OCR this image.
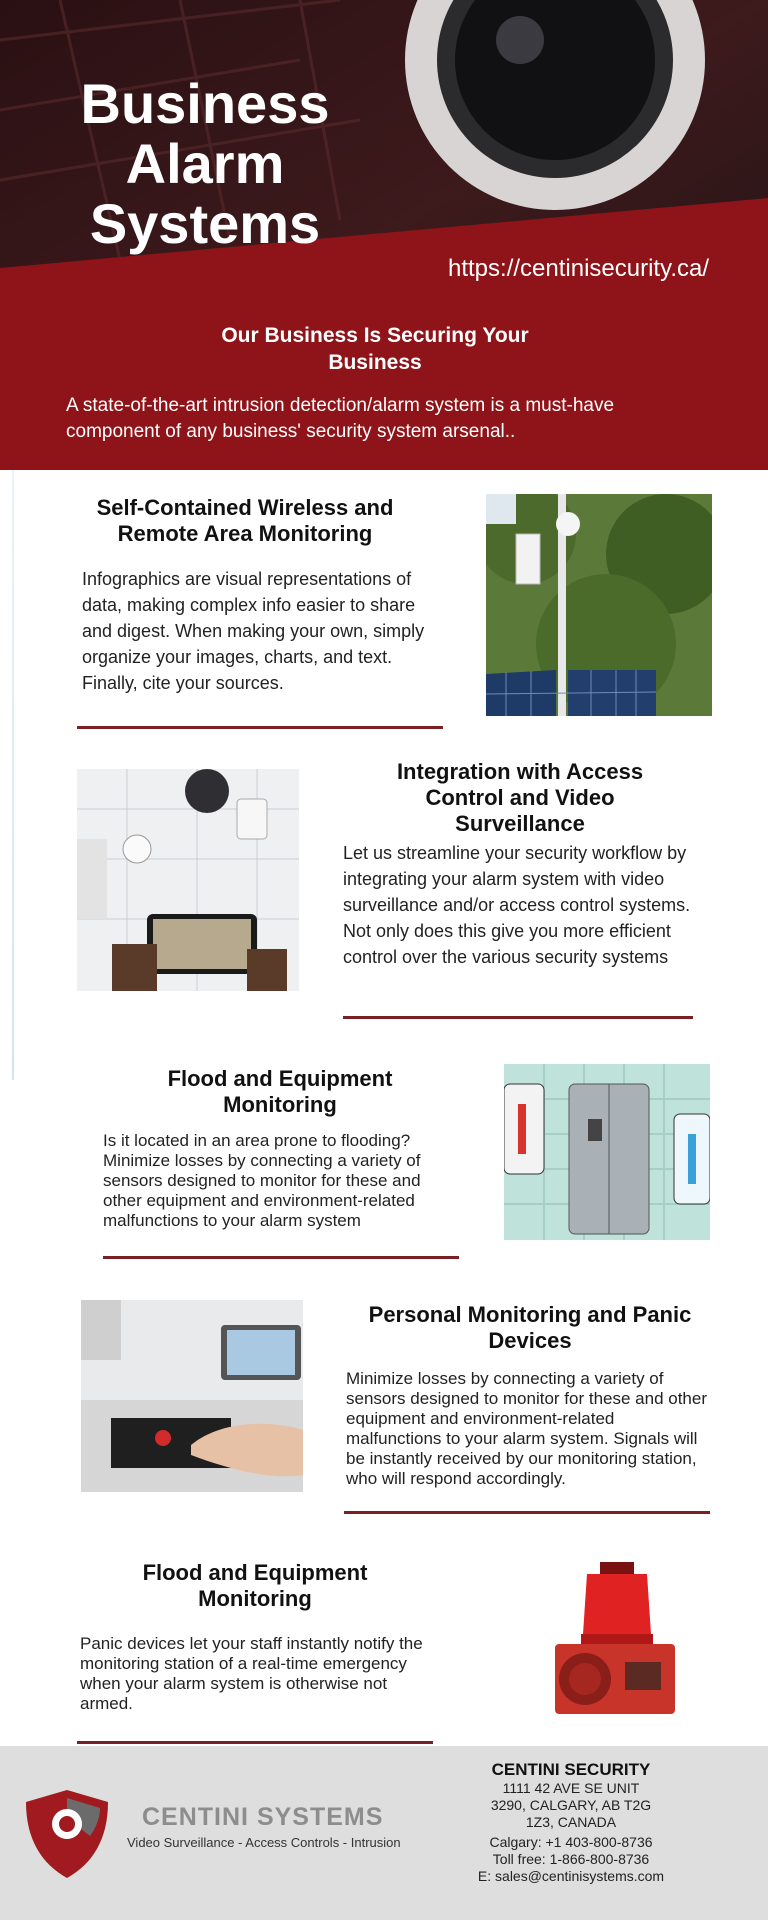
Business Alarm Systems
https://centinisecurity.ca/
Our Business Is Securing Your Business

A state-of-the-art intrusion detection/alarm system is a must-have component of any business' security system arsenal..

Self-Contained Wireless and Remote Area Monitoring

Infographics are visual representations of data, making complex info easier to share and digest. When making your own, simply organize your images, charts, and text. Finally, cite your sources.

Integration with Access Control and Video Surveillance

Let us streamline your security workflow by integrating your alarm system with video surveillance and/or access control systems. Not only does this give you more efficient control over the various security systems

Flood and Equipment Monitoring

Is it located in an area prone to flooding? Minimize losses by connecting a variety of sensors designed to monitor for these and other equipment and environment-related malfunctions to your alarm system

Personal Monitoring and Panic Devices

Minimize losses by connecting a variety of sensors designed to monitor for these and other equipment and environment-related malfunctions to your alarm system. Signals will be instantly received by our monitoring station, who will respond accordingly.

Flood and Equipment Monitoring

Panic devices let your staff instantly notify the monitoring station of a real-time emergency when your alarm system is otherwise not armed.

CENTINI SYSTEMS
Video Surveillance - Access Controls - Intrusion
CENTINI SECURITY
1111 42 AVE SE UNIT
3290, CALGARY, AB T2G
1Z3, CANADA
Calgary: +1 403-800-8736
Toll free: 1-866-800-8736
E: sales@centinisystems.com
